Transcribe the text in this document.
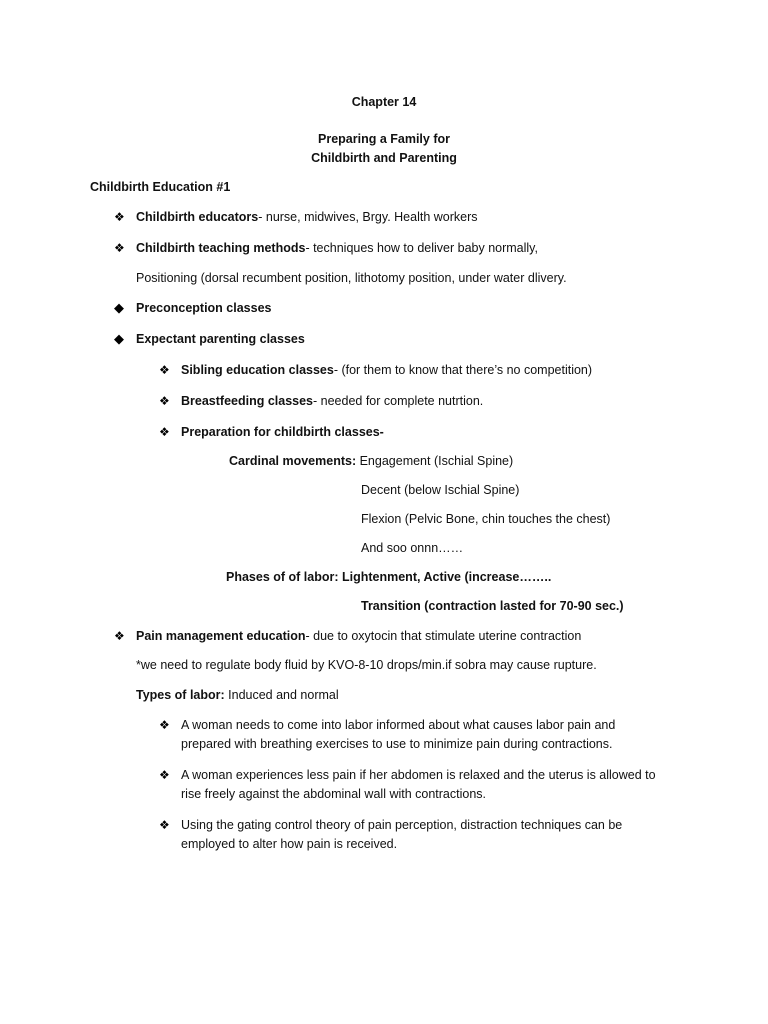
Chapter 14
Preparing a Family for
Childbirth and Parenting
Childbirth Education #1
❖ Childbirth educators- nurse, midwives, Brgy. Health workers
❖ Childbirth teaching methods- techniques how to deliver baby normally,
Positioning (dorsal recumbent position, lithotomy position, under water dlivery.
◆ Preconception classes
◆ Expectant parenting classes
❖ Sibling education classes- (for them to know that there’s no competition)
❖ Breastfeeding classes- needed for complete nutrtion.
❖ Preparation for childbirth classes-
Cardinal movements: Engagement (Ischial Spine)
Decent (below Ischial Spine)
Flexion (Pelvic Bone, chin touches the chest)
And soo onnn……
Phases of of labor: Lightenment, Active (increase……..
Transition (contraction lasted for 70-90 sec.)
❖ Pain management education- due to oxytocin that stimulate uterine contraction
*we need to regulate body fluid by KVO-8-10 drops/min.if sobra may cause rupture.
Types of labor: Induced and normal
❖ A woman needs to come into labor informed about what causes labor pain and
prepared with breathing exercises to use to minimize pain during contractions.
❖ A woman experiences less pain if her abdomen is relaxed and the uterus is allowed to
rise freely against the abdominal wall with contractions.
❖ Using the gating control theory of pain perception, distraction techniques can be
employed to alter how pain is received.
